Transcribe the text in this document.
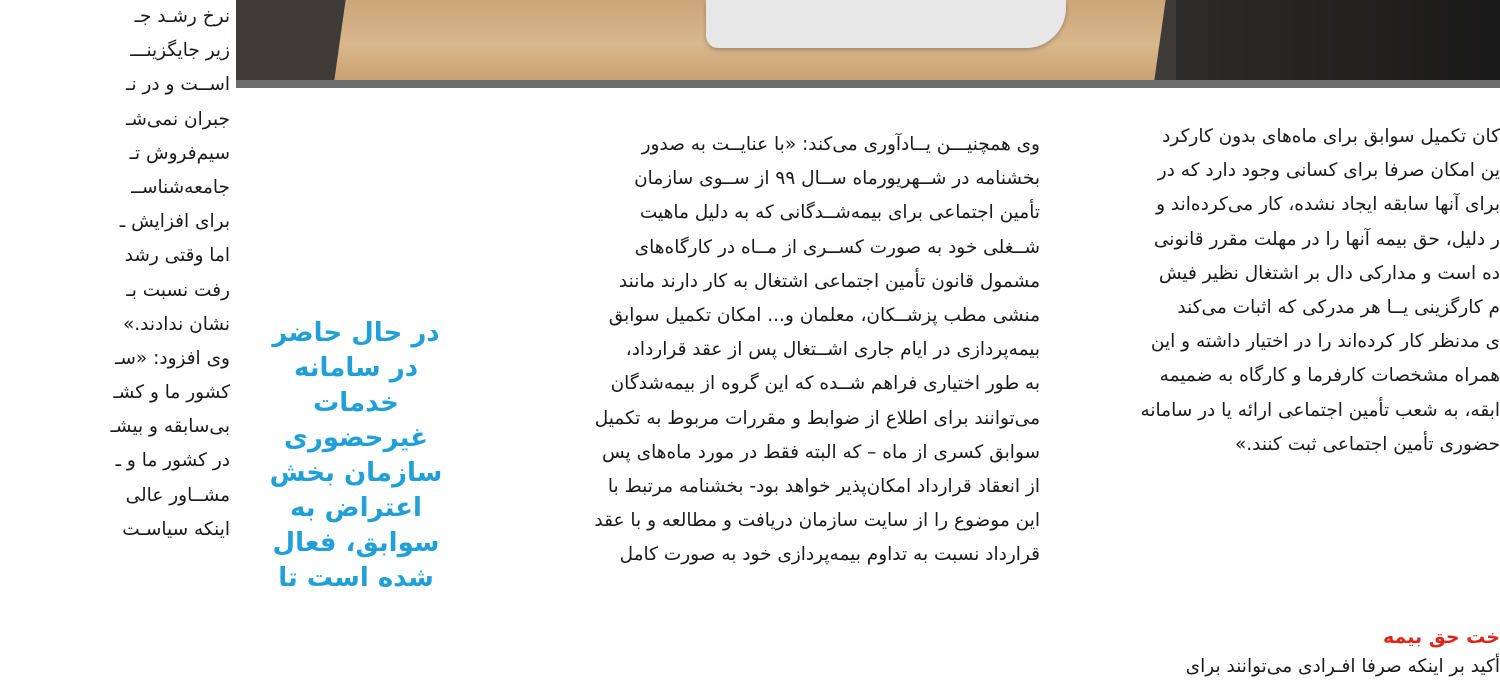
نرخ رشـد جـ
زیر جایگزینـــ
اســت و در نـ
جبران نمی‌شـ
سیم‌فروش تـ
جامعه‌شناســ
برای افزایش ـ
اما وقتی رشد
رفت نسبت بـ
نشان ندادند.»
وی افزود: «سـ
کشور ما و کشـ
بی‌سابقه و بیشـ
در کشور ما و ـ
مشــاور عالی
اینکه سیاسـت
در حال حاضر
در سامانه
خدمات
غیرحضوری
سازمان بخش
اعتراض به
سوابق، فعال
شده است تا
وی همچنیـــن یــادآوری می‌کند: «با عنایــت به صدور
بخشنامه در شــهریورماه ســال ۹۹ از ســوی سازمان
تأمین اجتماعی برای بیمه‌شــدگانی که به دلیل ماهیت
شــغلی خود به صورت کســری از مــاه در کارگاه‌های
مشمول قانون تأمین اجتماعی اشتغال به کار دارند مانند
منشی مطب پزشــکان، معلمان و... امکان تکمیل سوابق
بیمه‌پردازی در ایام جاری اشــتغال پس از عقد قرارداد،
به طور اختیاری فراهم شــده که این گروه از بیمه‌شدگان
می‌توانند برای اطلاع از ضوابط و مقررات مربوط به تکمیل
سوابق کسری از ماه – که البته فقط در مورد ماه‌های پس
از انعقاد قرارداد امکان‌پذیر خواهد بود- بخشنامه مرتبط با
این موضوع را از سایت سازمان دریافت و مطالعه و با عقد
قرارداد نسبت به تداوم بیمه‌پردازی خود به صورت کامل
کان تکمیل سوابق برای ماه‌های بدون کارکرد
ین امکان صرفا برای کسانی وجود دارد که در
برای آنها سابقه ایجاد نشده، کار می‌کرده‌اند و
ر دلیل، حق بیمه آنها را در مهلت مقرر قانونی
ده است و مدارکی دال بر اشتغال نظیر فیش
م کارگزینی یــا هر مدرکی که اثبات می‌کند
ی مدنظر کار کرده‌اند را در اختیار داشته و این
همراه مشخصات کارفرما و کارگاه به ضمیمه
ابقه، به شعب تأمین اجتماعی ارائه یا در سامانه
حضوری تأمین اجتماعی ثبت کنند.»
خت حق بیمه
أکید بر اینکه صرفا افـرادی می‌توانند برای
